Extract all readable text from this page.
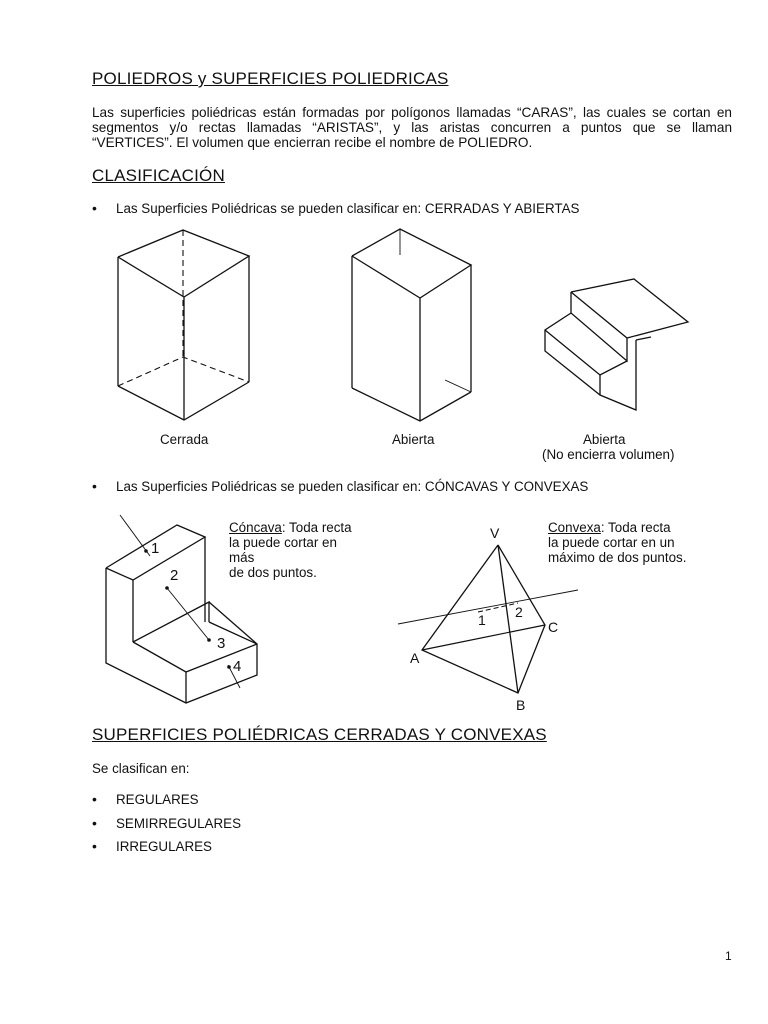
POLIEDROS y SUPERFICIES POLIEDRICAS
Las superficies poliédricas están formadas por polígonos llamadas “CARAS”, las cuales se cortan en
segmentos y/o rectas llamadas “ARISTAS”, y las aristas concurren a puntos que se llaman
“VERTICES”. El volumen que encierran recibe el nombre de POLIEDRO.
CLASIFICACIÓN
• Las Superficies Poliédricas se pueden clasificar en: CERRADAS Y ABIERTAS
Cerrada	Abierta	Abierta
(No encierra volumen)
• Las Superficies Poliédricas se pueden clasificar en: CÓNCAVAS Y CONVEXAS
1
2
3
4
Cóncava: Toda recta
la puede cortar en más
de dos puntos.
V
A
B
C
1 2
Convexa: Toda recta
la puede cortar en un
máximo de dos puntos.
SUPERFICIES POLIÉDRICAS CERRADAS Y CONVEXAS
Se clasifican en:
• REGULARES
• SEMIRREGULARES
• IRREGULARES
1
